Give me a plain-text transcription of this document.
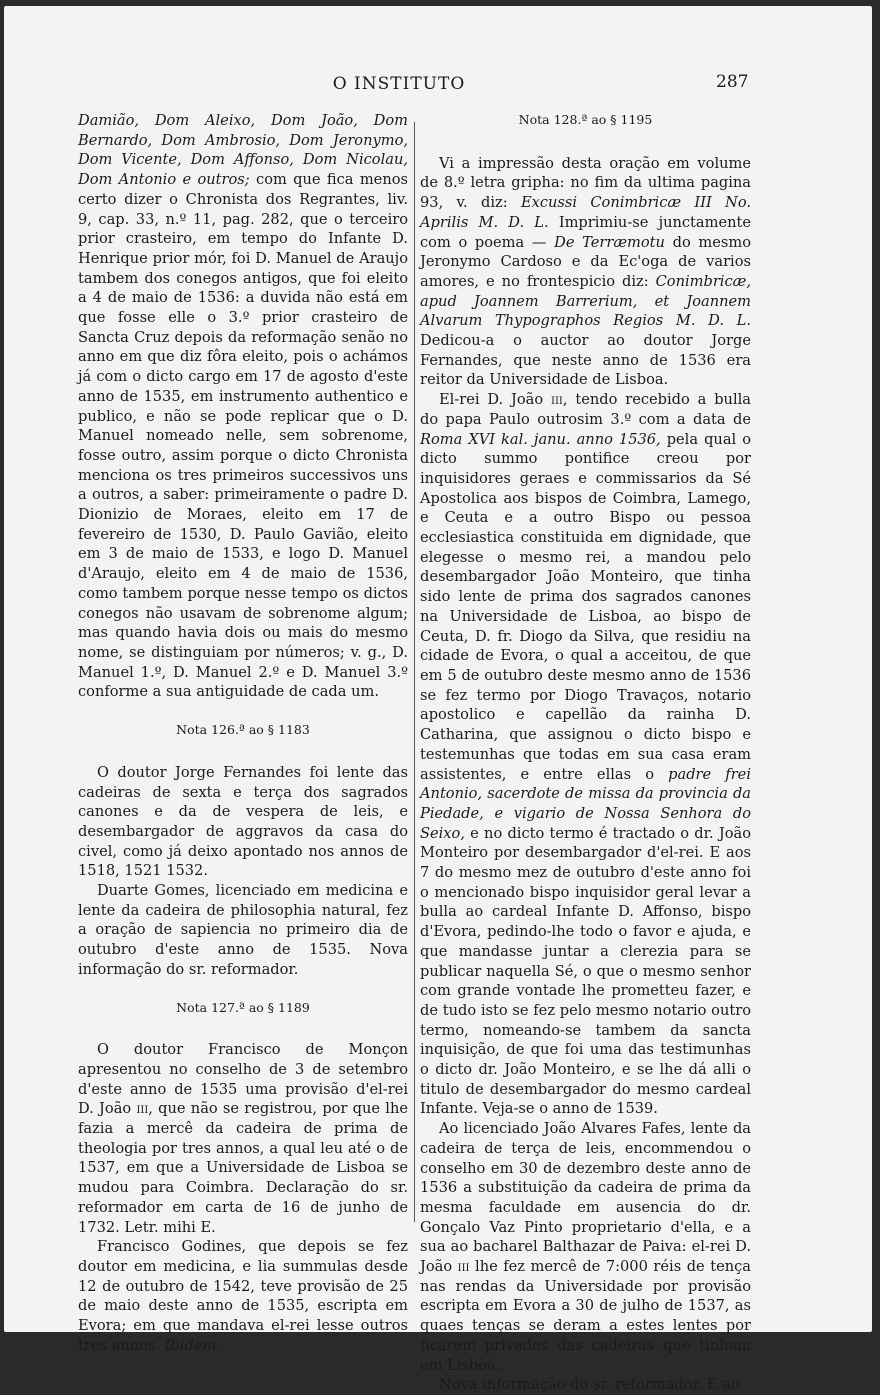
O INSTITUTO	287

Damião, Dom Aleixo, Dom João, Dom Bernardo, Dom Ambrosio, Dom Jeronymo, Dom Vicente, Dom Affonso, Dom Nicolau, Dom Antonio e outros; com que fica menos certo dizer o Chronista dos Regrantes, liv. 9, cap. 33, n.º 11, pag. 282, que o terceiro prior crasteiro, em tempo do Infante D. Henrique prior mór, foi D. Manuel de Araujo tambem dos conegos antigos, que foi eleito a 4 de maio de 1536: a duvida não está em que fosse elle o 3.º prior crasteiro de Sancta Cruz depois da reformação senão no anno em que diz fôra eleito, pois o achámos já com o dicto cargo em 17 de agosto d'este anno de 1535, em instrumento authentico e publico, e não se pode replicar que o D. Manuel nomeado nelle, sem sobrenome, fosse outro, assim porque o dicto Chronista menciona os tres primeiros successivos uns a outros, a saber: primeiramente o padre D. Dionizio de Moraes, eleito em 17 de fevereiro de 1530, D. Paulo Gavião, eleito em 3 de maio de 1533, e logo D. Manuel d'Araujo, eleito em 4 de maio de 1536, como tambem porque nesse tempo os dictos conegos não usavam de sobrenome algum; mas quando havia dois ou mais do mesmo nome, se distinguiam por números; v. g., D. Manuel 1.º, D. Manuel 2.º e D. Manuel 3.º conforme a sua antiguidade de cada um.

Nota 126.ª ao § 1183

O doutor Jorge Fernandes foi lente das cadeiras de sexta e terça dos sagrados canones e da de vespera de leis, e desembargador de aggravos da casa do civel, como já deixo apontado nos annos de 1518, 1521 1532.

Duarte Gomes, licenciado em medicina e lente da cadeira de philosophia natural, fez a oração de sapiencia no primeiro dia de outubro d'este anno de 1535. Nova informação do sr. reformador.

Nota 127.ª ao § 1189

O doutor Francisco de Monçon apresentou no conselho de 3 de setembro d'este anno de 1535 uma provisão d'el-rei D. João iii, que não se registrou, por que lhe fazia a mercê da cadeira de prima de theologia por tres annos, a qual leu até o de 1537, em que a Universidade de Lisboa se mudou para Coimbra. Declaração do sr. reformador em carta de 16 de junho de 1732. Letr. mihi E.

Francisco Godines, que depois se fez doutor em medicina, e lia summulas desde 12 de outubro de 1542, teve provisão de 25 de maio deste anno de 1535, escripta em Evora; em que mandava el-rei lesse outros tres annos. Ibidem.

Nota 128.ª ao § 1195

Vi a impressão desta oração em volume de 8.º letra gripha: no fim da ultima pagina 93, v. diz: Excussi Conimbricæ III No. Aprilis M. D. L. Imprimiu-se junctamente com o poema — De Terræmotu do mesmo Jeronymo Cardoso e da Ec'oga de varios amores, e no frontespicio diz: Conimbricæ, apud Joannem Barrerium, et Joannem Alvarum Thypographos Regios M. D. L. Dedicou-a o auctor ao doutor Jorge Fernandes, que neste anno de 1536 era reitor da Universidade de Lisboa.

El-rei D. João iii, tendo recebido a bulla do papa Paulo outrosim 3.º com a data de Roma XVI kal. janu. anno 1536, pela qual o dicto summo pontifice creou por inquisidores geraes e commissarios da Sé Apostolica aos bispos de Coimbra, Lamego, e Ceuta e a outro Bispo ou pessoa ecclesiastica constituida em dignidade, que elegesse o mesmo rei, a mandou pelo desembargador João Monteiro, que tinha sido lente de prima dos sagrados canones na Universidade de Lisboa, ao bispo de Ceuta, D. fr. Diogo da Silva, que residiu na cidade de Evora, o qual a acceitou, de que em 5 de outubro deste mesmo anno de 1536 se fez termo por Diogo Travaços, notario apostolico e capellão da rainha D. Catharina, que assignou o dicto bispo e testemunhas que todas em sua casa eram assistentes, e entre ellas o padre frei Antonio, sacerdote de missa da provincia da Piedade, e vigario de Nossa Senhora do Seixo, e no dicto termo é tractado o dr. João Monteiro por desembargador d'el-rei. E aos 7 do mesmo mez de outubro d'este anno foi o mencionado bispo inquisidor geral levar a bulla ao cardeal Infante D. Affonso, bispo d'Evora, pedindo-lhe todo o favor e ajuda, e que mandasse juntar a clerezia para se publicar naquella Sé, o que o mesmo senhor com grande vontade lhe prometteu fazer, e de tudo isto se fez pelo mesmo notario outro termo, nomeando-se tambem da sancta inquisição, de que foi uma das testimunhas o dicto dr. João Monteiro, e se lhe dá alli o titulo de desembargador do mesmo cardeal Infante. Veja-se o anno de 1539.

Ao licenciado João Alvares Fafes, lente da cadeira de terça de leis, encommendou o conselho em 30 de dezembro deste anno de 1536 a substituição da cadeira de prima da mesma faculdade em ausencia do dr. Gonçalo Vaz Pinto proprietario d'ella, e a sua ao bacharel Balthazar de Paiva: el-rei D. João iii lhe fez mercê de 7:000 réis de tença nas rendas da Universidade por provisão escripta em Evora a 30 de julho de 1537, as quaes tenças se deram a estes lentes por ficarem privados das cadeiras que tinham em Lisboa.

Nova informação do sr. reformador. E ao
